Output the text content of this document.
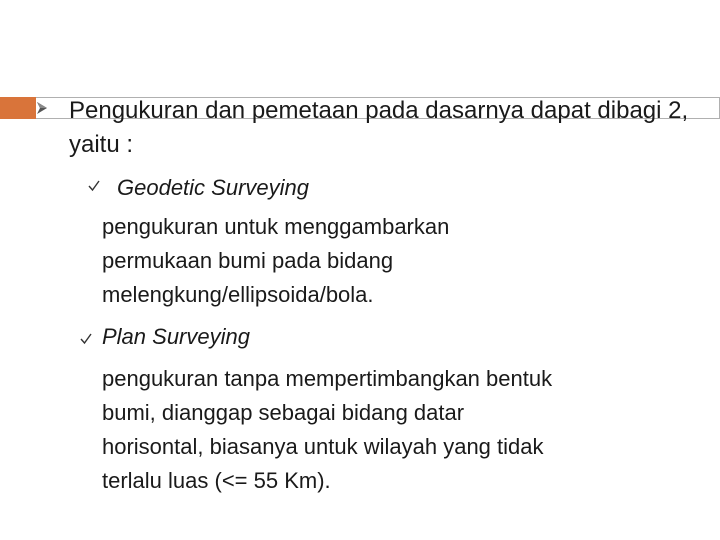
Pengukuran dan pemetaan pada dasarnya dapat dibagi 2, yaitu :
Geodetic Surveying
pengukuran untuk menggambarkan
permukaan bumi pada bidang
melengkung/ellipsoida/bola.
Plan Surveying
pengukuran tanpa mempertimbangkan bentuk
bumi, dianggap sebagai bidang datar
horisontal, biasanya untuk wilayah yang tidak
terlalu luas (<= 55 Km).
